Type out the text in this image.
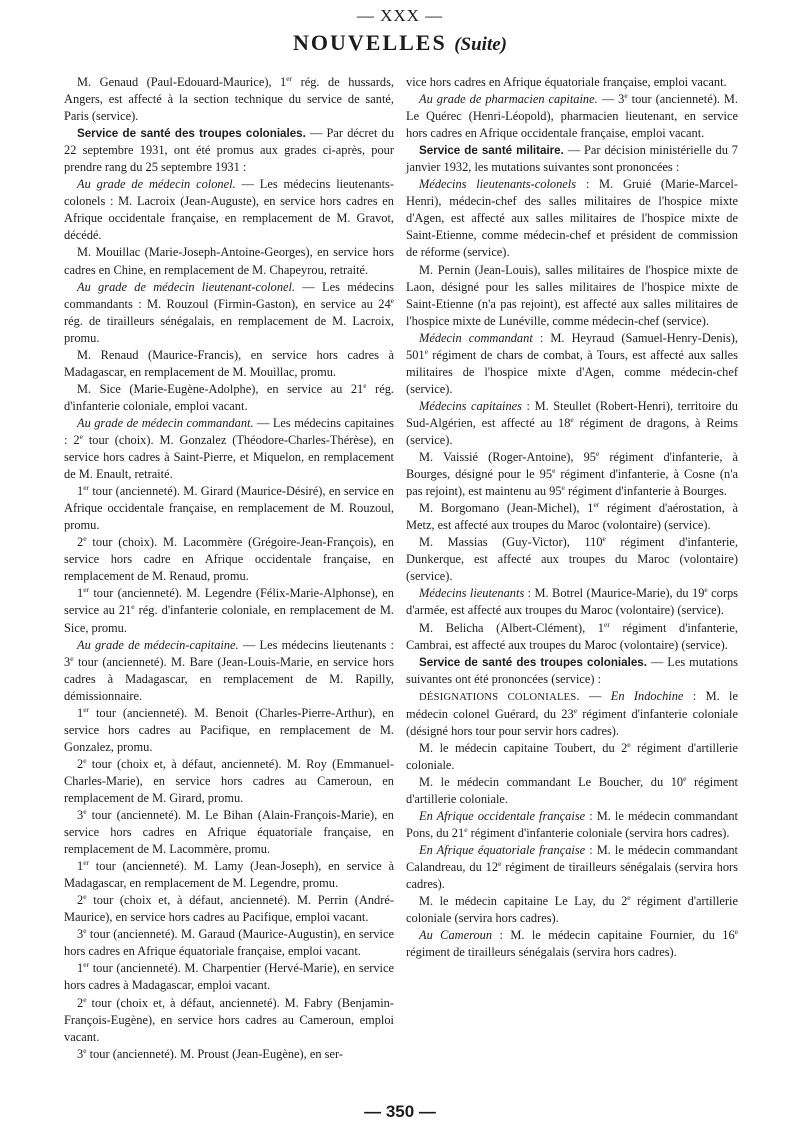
— XXX —
NOUVELLES (Suite)

M. Genaud (Paul-Edouard-Maurice), 1er rég. de hussards, Angers, est affecté à la section technique du service de santé, Paris (service).

Service de santé des troupes coloniales. — Par décret du 22 septembre 1931, ont été promus aux grades ci-après, pour prendre rang du 25 septembre 1931 :

Au grade de médecin colonel. — Les médecins lieutenants-colonels : M. Lacroix (Jean-Auguste), en service hors cadres en Afrique occidentale française, en remplacement de M. Gravot, décédé.

M. Mouillac (Marie-Joseph-Antoine-Georges), en service hors cadres en Chine, en remplacement de M. Chapeyrou, retraité.

Au grade de médecin lieutenant-colonel. — Les médecins commandants : M. Rouzoul (Firmin-Gaston), en service au 24e rég. de tirailleurs sénégalais, en remplacement de M. Lacroix, promu.

M. Renaud (Maurice-Francis), en service hors cadres à Madagascar, en remplacement de M. Mouillac, promu.

M. Sice (Marie-Eugène-Adolphe), en service au 21e rég. d'infanterie coloniale, emploi vacant.

Au grade de médecin commandant. — Les médecins capitaines : 2e tour (choix). M. Gonzalez (Théodore-Charles-Thérèse), en service hors cadres à Saint-Pierre, et Miquelon, en remplacement de M. Enault, retraité.

1er tour (ancienneté). M. Girard (Maurice-Désiré), en service en Afrique occidentale française, en remplacement de M. Rouzoul, promu.

2e tour (choix). M. Lacommère (Grégoire-Jean-François), en service hors cadre en Afrique occidentale française, en remplacement de M. Renaud, promu.

1er tour (ancienneté). M. Legendre (Félix-Marie-Alphonse), en service au 21e rég. d'infanterie coloniale, en remplacement de M. Sice, promu.

Au grade de médecin-capitaine. — Les médecins lieutenants : 3e tour (ancienneté). M. Bare (Jean-Louis-Marie, en service hors cadres à Madagascar, en remplacement de M. Rapilly, démissionnaire.

1er tour (ancienneté). M. Benoit (Charles-Pierre-Arthur), en service hors cadres au Pacifique, en remplacement de M. Gonzalez, promu.

2e tour (choix et, à défaut, ancienneté). M. Roy (Emmanuel-Charles-Marie), en service hors cadres au Cameroun, en remplacement de M. Girard, promu.

3e tour (ancienneté). M. Le Bihan (Alain-François-Marie), en service hors cadres en Afrique équatoriale française, en remplacement de M. Lacommère, promu.

1er tour (ancienneté). M. Lamy (Jean-Joseph), en service à Madagascar, en remplacement de M. Legendre, promu.

2e tour (choix et, à défaut, ancienneté). M. Perrin (André-Maurice), en service hors cadres au Pacifique, emploi vacant.

3e tour (ancienneté). M. Garaud (Maurice-Augustin), en service hors cadres en Afrique équatoriale française, emploi vacant.

1er tour (ancienneté). M. Charpentier (Hervé-Marie), en service hors cadres à Madagascar, emploi vacant.

2e tour (choix et, à défaut, ancienneté). M. Fabry (Benjamin-François-Eugène), en service hors cadres au Cameroun, emploi vacant.

3e tour (ancienneté). M. Proust (Jean-Eugène), en ser-

vice hors cadres en Afrique équatoriale française, emploi vacant.

Au grade de pharmacien capitaine. — 3e tour (ancienneté). M. Le Quérec (Henri-Léopold), pharmacien lieutenant, en service hors cadres en Afrique occidentale française, emploi vacant.

Service de santé militaire. — Par décision ministérielle du 7 janvier 1932, les mutations suivantes sont prononcées :

Médecins lieutenants-colonels : M. Gruié (Marie-Marcel-Henri), médecin-chef des salles militaires de l'hospice mixte d'Agen, est affecté aux salles militaires de l'hospice mixte de Saint-Etienne, comme médecin-chef et président de commission de réforme (service).

M. Pernin (Jean-Louis), salles militaires de l'hospice mixte de Laon, désigné pour les salles militaires de l'hospice mixte de Saint-Etienne (n'a pas rejoint), est affecté aux salles militaires de l'hospice mixte de Lunéville, comme médecin-chef (service).

Médecin commandant : M. Heyraud (Samuel-Henry-Denis), 501e régiment de chars de combat, à Tours, est affecté aux salles militaires de l'hospice mixte d'Agen, comme médecin-chef (service).

Médecins capitaines : M. Steullet (Robert-Henri), territoire du Sud-Algérien, est affecté au 18e régiment de dragons, à Reims (service).

M. Vaissié (Roger-Antoine), 95e régiment d'infanterie, à Bourges, désigné pour le 95e régiment d'infanterie, à Cosne (n'a pas rejoint), est maintenu au 95e régiment d'infanterie à Bourges.

M. Borgomano (Jean-Michel), 1er régiment d'aérostation, à Metz, est affecté aux troupes du Maroc (volontaire) (service).

M. Massias (Guy-Victor), 110e régiment d'infanterie, Dunkerque, est affecté aux troupes du Maroc (volontaire) (service).

Médecins lieutenants : M. Botrel (Maurice-Marie), du 19e corps d'armée, est affecté aux troupes du Maroc (volontaire) (service).

M. Belicha (Albert-Clément), 1er régiment d'infanterie, Cambrai, est affecté aux troupes du Maroc (volontaire) (service).

Service de santé des troupes coloniales. — Les mutations suivantes ont été prononcées (service) :

DÉSIGNATIONS COLONIALES. — En Indochine : M. le médecin colonel Guérard, du 23e régiment d'infanterie coloniale (désigné hors tour pour servir hors cadres).

M. le médecin capitaine Toubert, du 2e régiment d'artillerie coloniale.

M. le médecin commandant Le Boucher, du 10e régiment d'artillerie coloniale.

En Afrique occidentale française : M. le médecin commandant Pons, du 21e régiment d'infanterie coloniale (servira hors cadres).

En Afrique équatoriale française : M. le médecin commandant Calandreau, du 12e régiment de tirailleurs sénégalais (servira hors cadres).

M. le médecin capitaine Le Lay, du 2e régiment d'artillerie coloniale (servira hors cadres).

Au Cameroun : M. le médecin capitaine Fournier, du 16e régiment de tirailleurs sénégalais (servira hors cadres).

— 350 —
